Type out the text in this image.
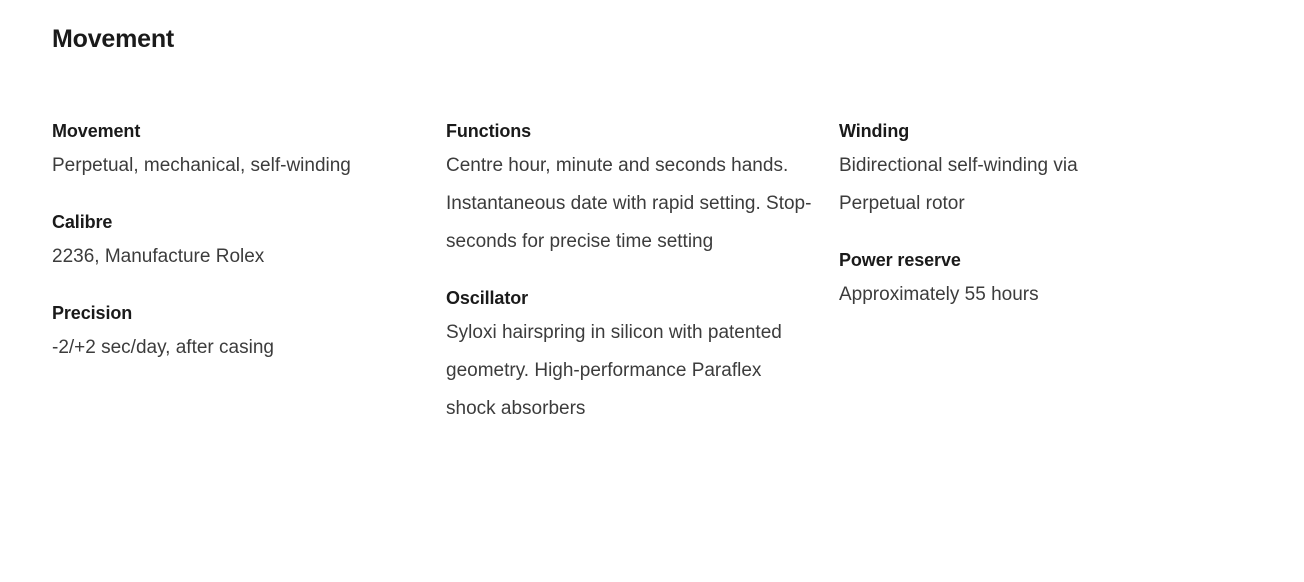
Movement
Movement
Perpetual, mechanical, self-winding
Calibre
2236, Manufacture Rolex
Precision
-2/+2 sec/day, after casing
Functions
Centre hour, minute and seconds hands. Instantaneous date with rapid setting. Stop-seconds for precise time setting
Oscillator
Syloxi hairspring in silicon with patented geometry. High-performance Paraflex shock absorbers
Winding
Bidirectional self-winding via Perpetual rotor
Power reserve
Approximately 55 hours
